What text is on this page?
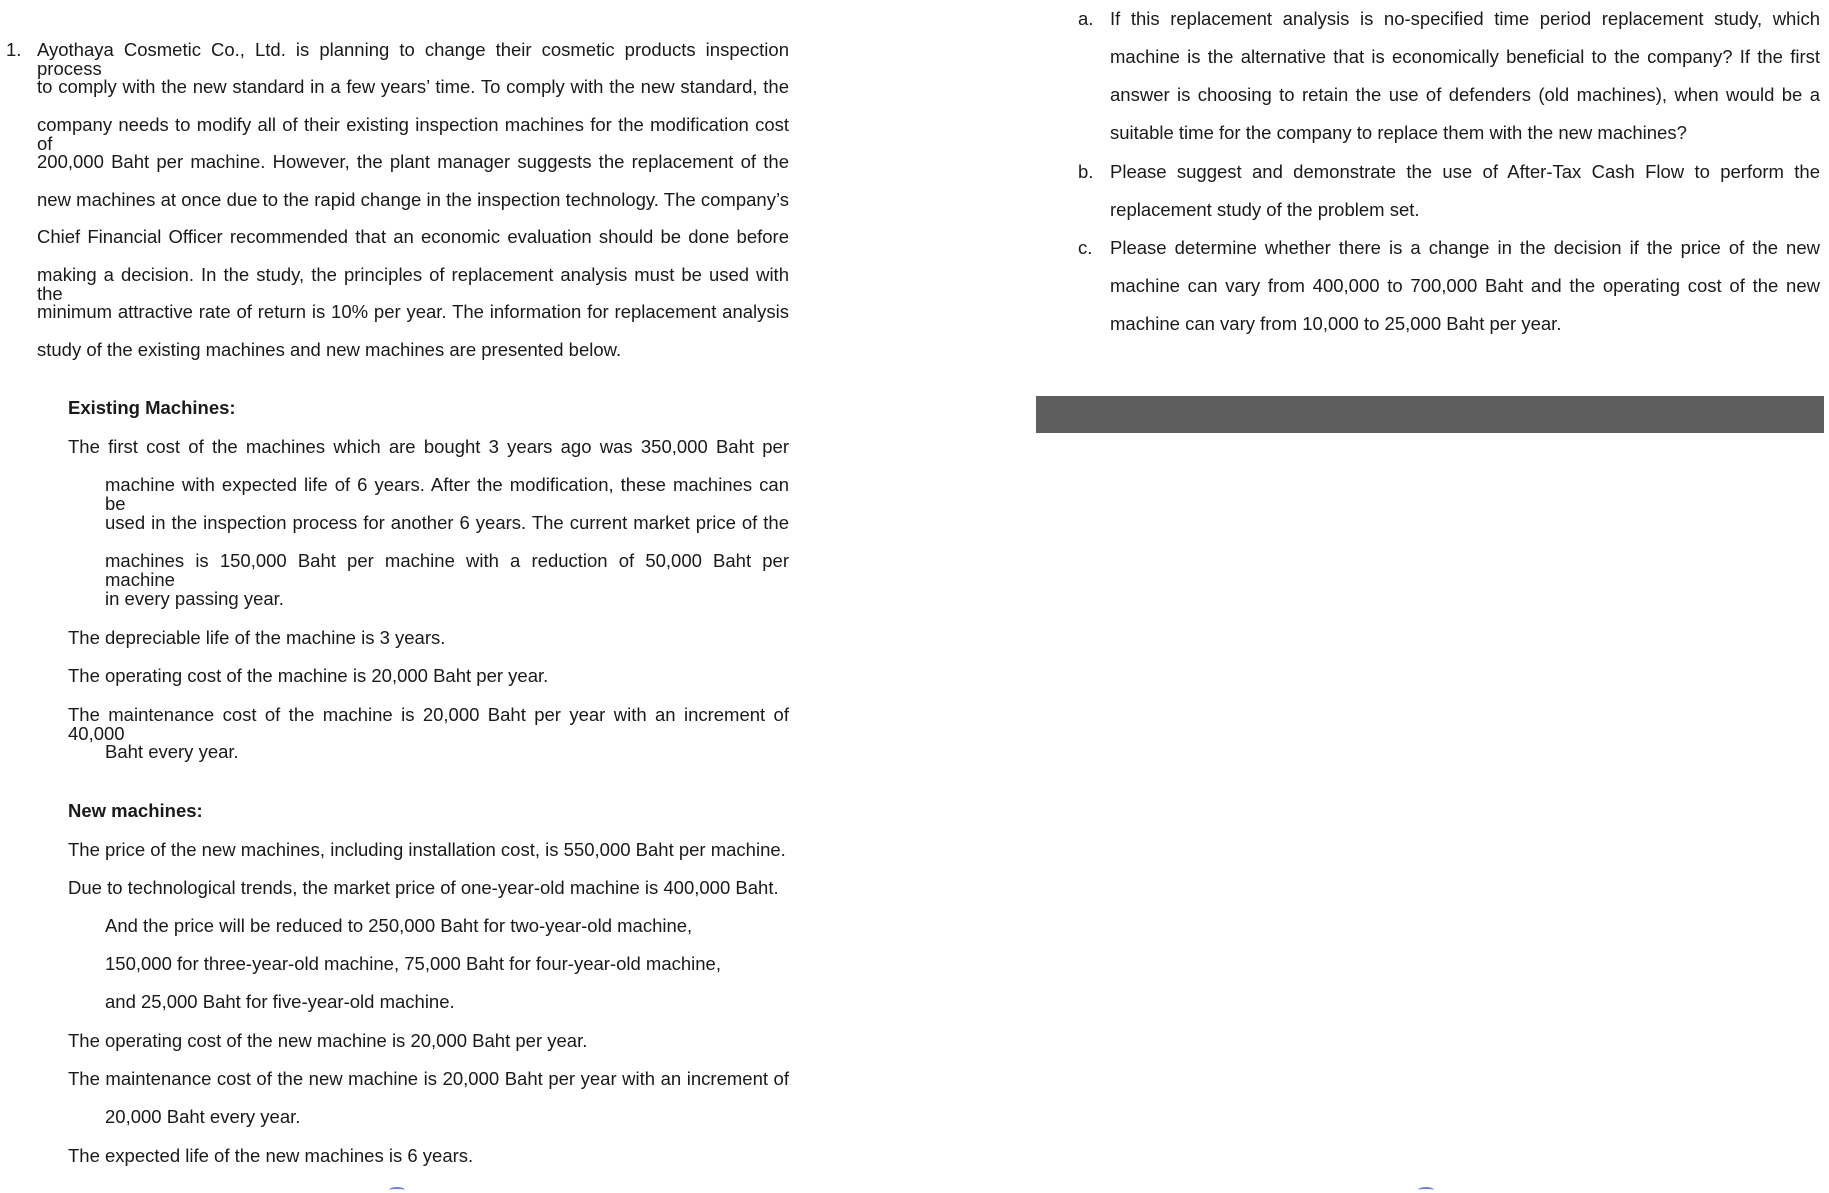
1. Ayothaya Cosmetic Co., Ltd. is planning to change their cosmetic products inspection process
to comply with the new standard in a few years’ time. To comply with the new standard, the
company needs to modify all of their existing inspection machines for the modification cost of
200,000 Baht per machine. However, the plant manager suggests the replacement of the
new machines at once due to the rapid change in the inspection technology. The company’s
Chief Financial Officer recommended that an economic evaluation should be done before
making a decision. In the study, the principles of replacement analysis must be used with the
minimum attractive rate of return is 10% per year. The information for replacement analysis
study of the existing machines and new machines are presented below.
Existing Machines:
The first cost of the machines which are bought 3 years ago was 350,000 Baht per
machine with expected life of 6 years. After the modification, these machines can be
used in the inspection process for another 6 years. The current market price of the
machines is 150,000 Baht per machine with a reduction of 50,000 Baht per machine
in every passing year.
The depreciable life of the machine is 3 years.
The operating cost of the machine is 20,000 Baht per year.
The maintenance cost of the machine is 20,000 Baht per year with an increment of 40,000
Baht every year.
New machines:
The price of the new machines, including installation cost, is 550,000 Baht per machine.
Due to technological trends, the market price of one-year-old machine is 400,000 Baht.
And the price will be reduced to 250,000 Baht for two-year-old machine,
150,000 for three-year-old machine, 75,000 Baht for four-year-old machine,
and 25,000 Baht for five-year-old machine.
The operating cost of the new machine is 20,000 Baht per year.
The maintenance cost of the new machine is 20,000 Baht per year with an increment of
20,000 Baht every year.
The expected life of the new machines is 6 years.
a. If this replacement analysis is no-specified time period replacement study, which
machine is the alternative that is economically beneficial to the company? If the first
answer is choosing to retain the use of defenders (old machines), when would be a
suitable time for the company to replace them with the new machines?
b. Please suggest and demonstrate the use of After-Tax Cash Flow to perform the
replacement study of the problem set.
c. Please determine whether there is a change in the decision if the price of the new
machine can vary from 400,000 to 700,000 Baht and the operating cost of the new
machine can vary from 10,000 to 25,000 Baht per year.
